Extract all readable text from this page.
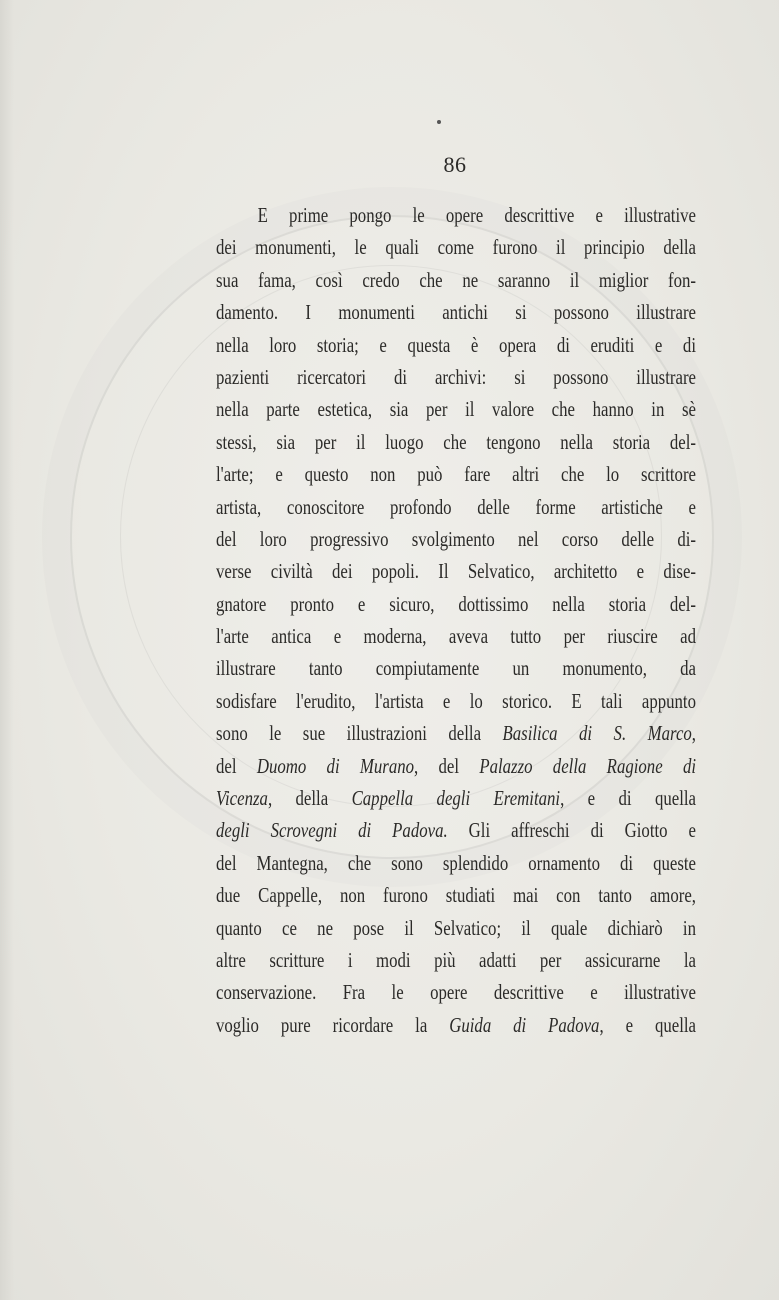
86
E prime pongo le opere descrittive e illustrative
dei monumenti, le quali come furono il principio della
sua fama, così credo che ne saranno il miglior fon-
damento. I monumenti antichi si possono illustrare
nella loro storia; e questa è opera di eruditi e di
pazienti ricercatori di archivi: si possono illustrare
nella parte estetica, sia per il valore che hanno in sè
stessi, sia per il luogo che tengono nella storia del-
l'arte; e questo non può fare altri che lo scrittore
artista, conoscitore profondo delle forme artistiche e
del loro progressivo svolgimento nel corso delle di-
verse civiltà dei popoli. Il Selvatico, architetto e dise-
gnatore pronto e sicuro, dottissimo nella storia del-
l'arte antica e moderna, aveva tutto per riuscire ad
illustrare tanto compiutamente un monumento, da
sodisfare l'erudito, l'artista e lo storico. E tali appunto
sono le sue illustrazioni della Basilica di S. Marco,
del Duomo di Murano, del Palazzo della Ragione di
Vicenza, della Cappella degli Eremitani, e di quella
degli Scrovegni di Padova. Gli affreschi di Giotto e
del Mantegna, che sono splendido ornamento di queste
due Cappelle, non furono studiati mai con tanto amore,
quanto ce ne pose il Selvatico; il quale dichiarò in
altre scritture i modi più adatti per assicurarne la
conservazione. Fra le opere descrittive e illustrative
voglio pure ricordare la Guida di Padova, e quella
